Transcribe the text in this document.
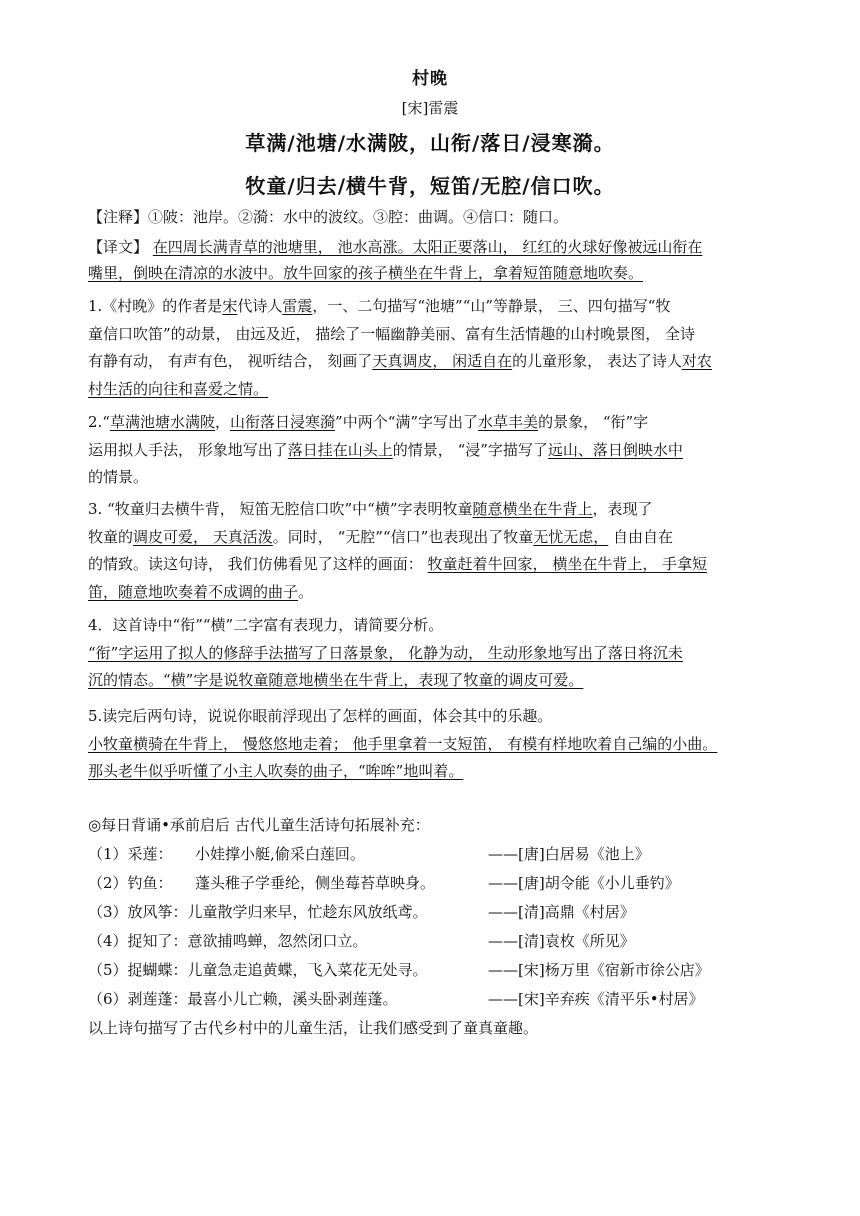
村晚
[宋]雷震
草满/池塘/水满陂，山衔/落日/浸寒漪。
牧童/归去/横牛背，短笛/无腔/信口吹。

【注释】①陂：池岸。②漪：水中的波纹。③腔：曲调。④信口：随口。

【译文】 在四周长满青草的池塘里， 池水高涨。太阳正要落山， 红红的火球好像被远山衔在

嘴里，倒映在清凉的水波中。放牛回家的孩子横坐在牛背上，拿着短笛随意地吹奏。

1.《村晚》的作者是宋代诗人雷震，一、二句描写“池塘”“山”等静景， 三、四句描写“牧

童信口吹笛”的动景， 由远及近， 描绘了一幅幽静美丽、富有生活情趣的山村晚景图， 全诗

有静有动， 有声有色， 视听结合， 刻画了天真调皮， 闲适自在的儿童形象， 表达了诗人对农

村生活的向往和喜爱之情。

2.“草满池塘水满陂，山衔落日浸寒漪”中两个“满”字写出了水草丰美的景象， “衔”字

运用拟人手法， 形象地写出了落日挂在山头上的情景， “浸”字描写了远山、落日倒映水中

的情景。

3. “牧童归去横牛背， 短笛无腔信口吹”中“横”字表明牧童随意横坐在牛背上，表现了

牧童的调皮可爱， 天真活泼。同时， “无腔”“信口”也表现出了牧童无忧无虑， 自由自在

的情致。读这句诗， 我们仿佛看见了这样的画面： 牧童赶着牛回家， 横坐在牛背上， 手拿短

笛，随意地吹奏着不成调的曲子。

4．这首诗中“衔”“横”二字富有表现力，请简要分析。

“衔”字运用了拟人的修辞手法描写了日落景象， 化静为动， 生动形象地写出了落日将沉未

沉的情态。“横”字是说牧童随意地横坐在牛背上，表现了牧童的调皮可爱。

5.读完后两句诗，说说你眼前浮现出了怎样的画面，体会其中的乐趣。

小牧童横骑在牛背上， 慢悠悠地走着； 他手里拿着一支短笛， 有模有样地吹着自己编的小曲。

那头老牛似乎听懂了小主人吹奏的曲子，“哞哞”地叫着。

◎每日背诵•承前启后 古代儿童生活诗句拓展补充：
（1）采莲：　　小娃撑小艇,偷采白莲回。	——[唐]白居易《池上》
（2）钓鱼：　　蓬头稚子学垂纶，侧坐莓苔草映身。	——[唐]胡令能《小儿垂钓》
（3）放风筝：儿童散学归来早，忙趁东风放纸鸢。	——[清]高鼎《村居》
（4）捉知了：意欲捕鸣蝉，忽然闭口立。	——[清]袁枚《所见》
（5）捉蝴蝶：儿童急走追黄蝶，飞入菜花无处寻。	——[宋]杨万里《宿新市徐公店》
（6）剥莲蓬：最喜小儿亡赖，溪头卧剥莲蓬。	——[宋]辛弃疾《清平乐•村居》
以上诗句描写了古代乡村中的儿童生活，让我们感受到了童真童趣。
